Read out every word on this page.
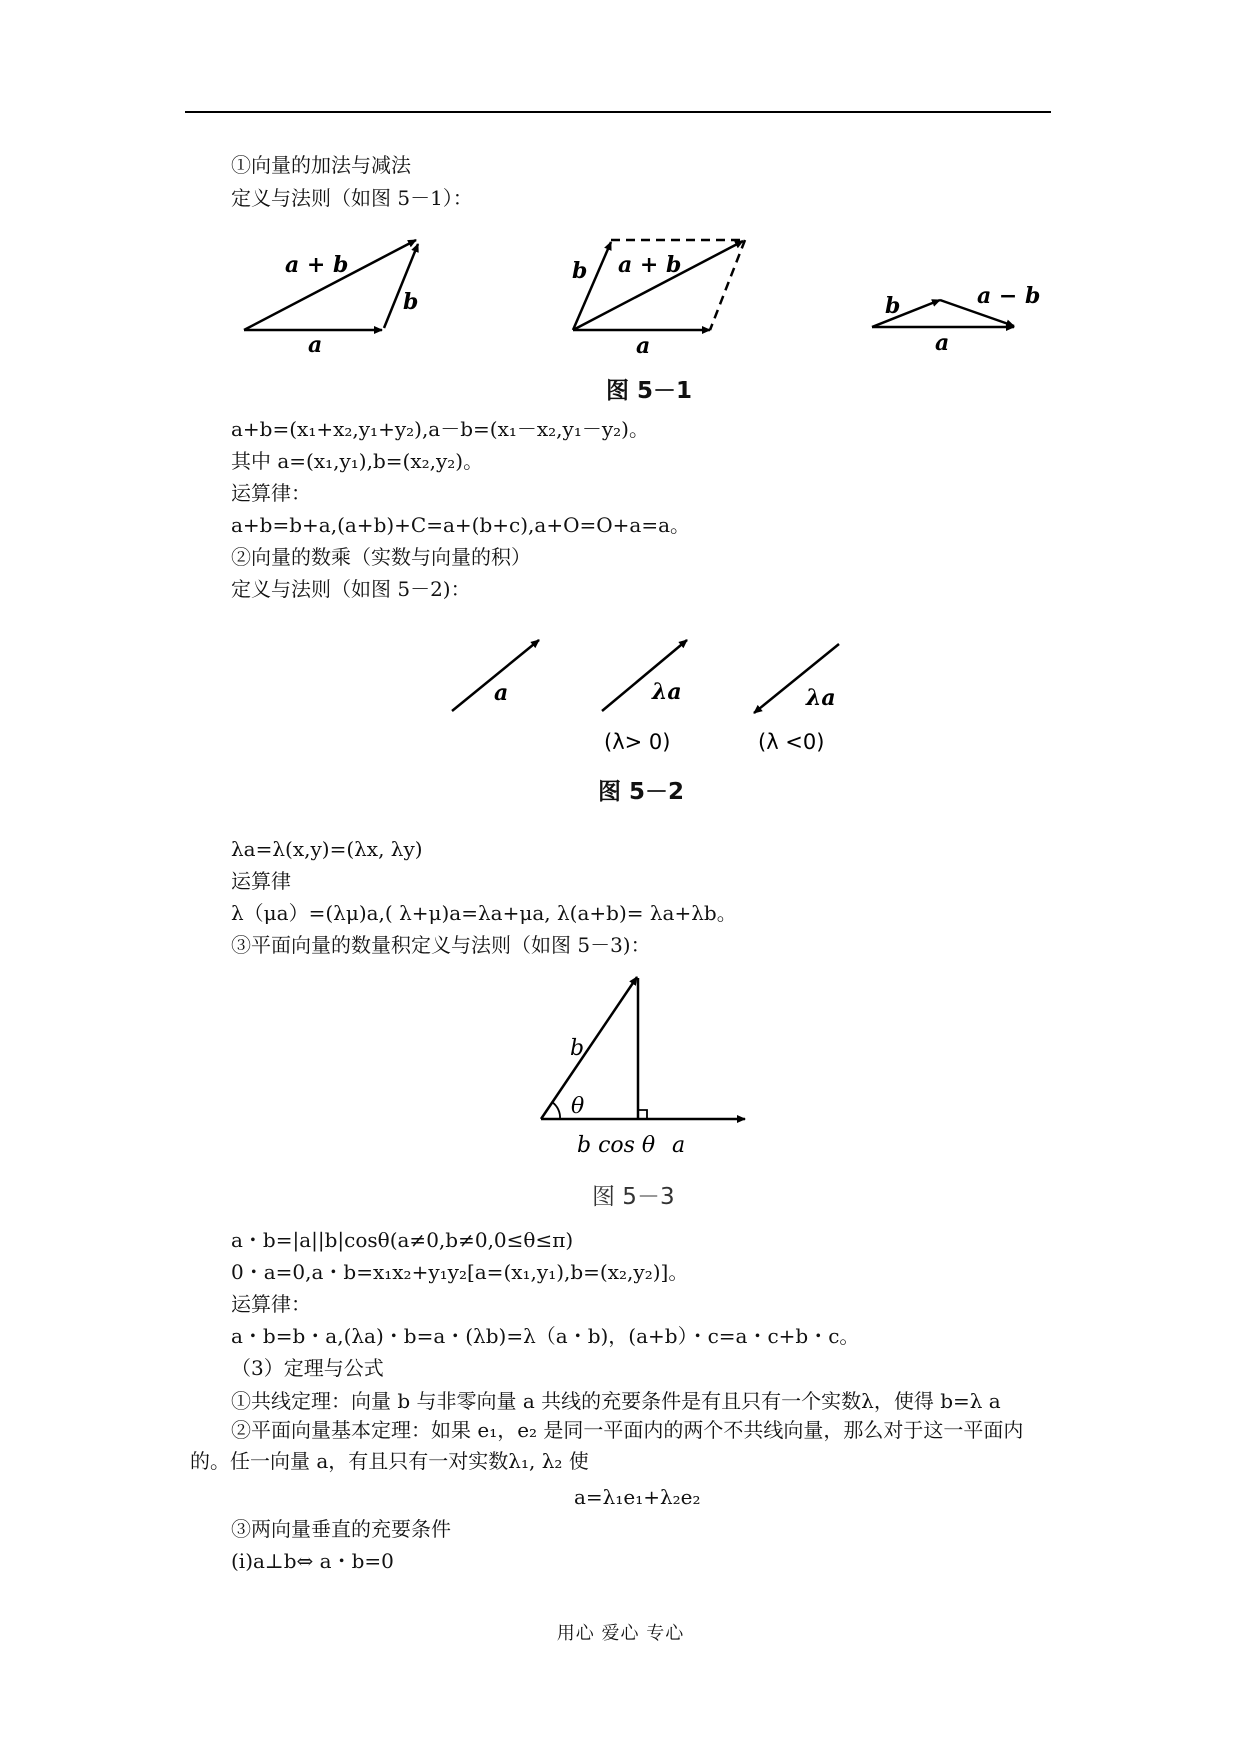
①向量的加法与减法
定义与法则（如图 5－1）：
a + b
b
a
b a + b
a
b	a − b
a
图 5－1
a+b=(x₁+x₂,y₁+y₂),a－b=(x₁－x₂,y₁－y₂)。
其中 a=(x₁,y₁),b=(x₂,y₂)。
运算律：
a+b=b+a,(a+b)+C=a+(b+c),a+O=O+a=a。
②向量的数乘（实数与向量的积）
定义与法则（如图 5－2)：
a	λa	λa
(λ> 0)	(λ <0)
图 5－2
λa=λ(x,y)=(λx, λy)
运算律
λ（μa）=(λμ)a,( λ+μ)a=λa+μa, λ(a+b)= λa+λb。
③平面向量的数量积定义与法则（如图 5－3)：
b
θ
b cos θ a
图 5－3
a・b=|a||b|cosθ(a≠0,b≠0,0≤θ≤π)
0・a=0,a・b=x₁x₂+y₁y₂[a=(x₁,y₁),b=(x₂,y₂)]。
运算律：
a・b=b・a,(λa)・b=a・(λb)=λ（a・b)，(a+b）・c=a・c+b・c。
（3）定理与公式
①共线定理：向量 b 与非零向量 a 共线的充要条件是有且只有一个实数λ，使得 b=λ a
②平面向量基本定理：如果 e₁，e₂ 是同一平面内的两个不共线向量，那么对于这一平面内的。任一向量 a，有且只有一对实数λ₁, λ₂ 使
a=λ₁e₁+λ₂e₂
③两向量垂直的充要条件
(i)a⊥b⇔ a・b=0
用心 爱心 专心
